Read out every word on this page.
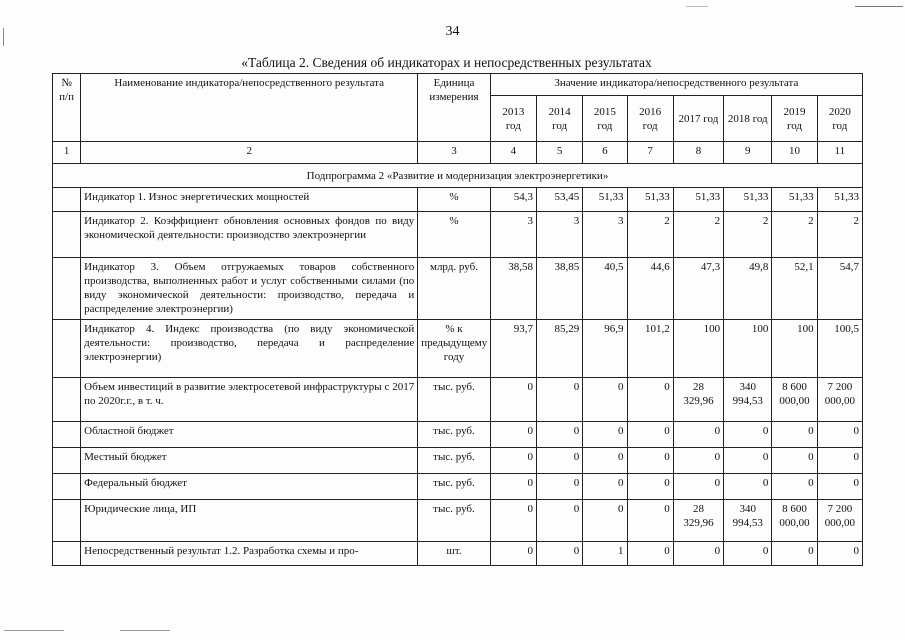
34
«Таблица 2. Сведения об индикаторах и непосредственных результатах
№ п/п	Наименование индикатора/непосредственного результата	Единица измерения	Значение индикатора/непосредственного результата							
			2013 год	2014 год	2015 год	2016 год	2017 год	2018 год	2019 год	2020 год
1	2	3	4	5	6	7	8	9	10	11
Подпрограмма 2 «Развитие и модернизация электроэнергетики»										
	Индикатор 1. Износ энергетических мощностей	%	54,3	53,45	51,33	51,33	51,33	51,33	51,33	51,33
	Индикатор 2. Коэффициент обновления основных фондов по виду экономической деятельности: производство электроэнергии	%	3	3	3	2	2	2	2	2
	Индикатор 3. Объем отгружаемых товаров собственного производства, выполненных работ и услуг собственными силами (по виду экономической деятельности: производство, передача и распределение электроэнергии)	млрд. руб.	38,58	38,85	40,5	44,6	47,3	49,8	52,1	54,7
	Индикатор 4. Индекс производства (по виду экономической деятельности: производство, передача и распределение электроэнергии)	% к предыдущему году	93,7	85,29	96,9	101,2	100	100	100	100,5
	Объем инвестиций в развитие электросетевой инфраструктуры с 2017 по 2020г.г., в т. ч.	тыс. руб.	0	0	0	0	28 329,96	340 994,53	8 600 000,00	7 200 000,00
	Областной бюджет	тыс. руб.	0	0	0	0	0	0	0	0
	Местный бюджет	тыс. руб.	0	0	0	0	0	0	0	0
	Федеральный бюджет	тыс. руб.	0	0	0	0	0	0	0	0
	Юридические лица, ИП	тыс. руб.	0	0	0	0	28 329,96	340 994,53	8 600 000,00	7 200 000,00
	Непосредственный результат 1.2. Разработка схемы и про-	шт.	0	0	1	0	0	0	0	0
